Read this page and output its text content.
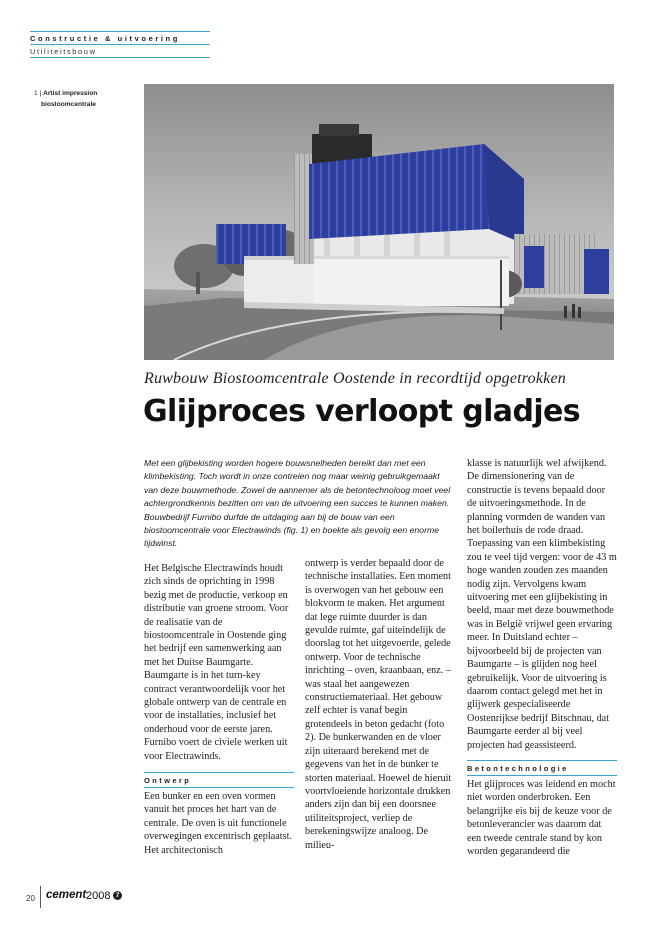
Constructie & uitvoering
Utiliteitsbouw
1 | Artist impression
biostoomcentrale
Ruwbouw Biostoomcentrale Oostende in recordtijd opgetrokken
Glijproces verloopt gladjes
Met een glijbekisting worden hogere bouwsnelheden bereikt dan met een klimbekisting. Toch wordt in onze contreien nog maar weinig gebruikgemaakt van deze bouwmethode. Zowel de aannemer als de betontechnoloog moet veel achtergrondkennis bezitten om van de uitvoering een succes te kunnen maken. Bouwbedrijf Furnibo durfde de uitdaging aan bij de bouw van een biostoomcentrale voor Electrawinds (fig. 1) en boekte als gevolg een enorme tijdwinst.

Het Belgische Electrawinds houdt zich sinds de oprichting in 1998 bezig met de productie, verkoop en distributie van groene stroom. Voor de realisatie van de biostoomcentrale in Oostende ging het bedrijf een samenwerking aan met het Duitse Baumgarte. Baumgarte is in het turn-key contract verantwoordelijk voor het globale ontwerp van de centrale en voor de installaties, inclusief het onderhoud voor de eerste jaren. Furnibo voert de civiele werken uit voor Electrawinds.

Ontwerp

Een bunker en een oven vormen vanuit het proces het hart van de centrale. De oven is uit functionele overwegingen excentrisch geplaatst. Het architectonisch

ontwerp is verder bepaald door de technische installaties. Een moment is overwogen van het gebouw een blokvorm te maken. Het argument dat lege ruimte duurder is dan gevulde ruimte, gaf uiteindelijk de doorslag tot het uitgevoerde, gelede ontwerp. Voor de technische inrichting – oven, kraanbaan, enz. – was staal het aangewezen constructiemateriaal. Het gebouw zelf echter is vanaf begin grotendeels in beton gedacht (foto 2). De bunkerwanden en de vloer zijn uiteraard berekend met de gegevens van het in de bunker te storten materiaal. Hoewel de hieruit voortvloeiende horizontale drukken anders zijn dan bij een doorsnee utiliteitsproject, verliep de berekeningswijze analoog. De milieu-

klasse is natuurlijk wel afwijkend. De dimensionering van de constructie is tevens bepaald door de uitvoeringsmethode. In de planning vormden de wanden van het boilerhuis de rode draad. Toepassing van een klimbekisting zou te veel tijd vergen: voor de 43 m hoge wanden zouden zes maanden nodig zijn. Vervolgens kwam uitvoering met een glijbekisting in beeld, maar met deze bouwmethode was in België vrijwel geen ervaring meer. In Duitsland echter – bijvoorbeeld bij de projecten van Baumgarte – is glijden nog heel gebruikelijk. Voor de uitvoering is daarom contact gelegd met het in glijwerk gespecialiseerde Oostenrijkse bedrijf Bitschnau, dat Baumgarte eerder al bij veel projecten had geassisteerd.

Betontechnologie

Het glijproces was leidend en mocht niet worden onderbroken. Een belangrijke eis bij de keuze voor de betonleverancier was daarom dat een tweede centrale stand by kon worden gegarandeerd die

20 cement 2008 7
